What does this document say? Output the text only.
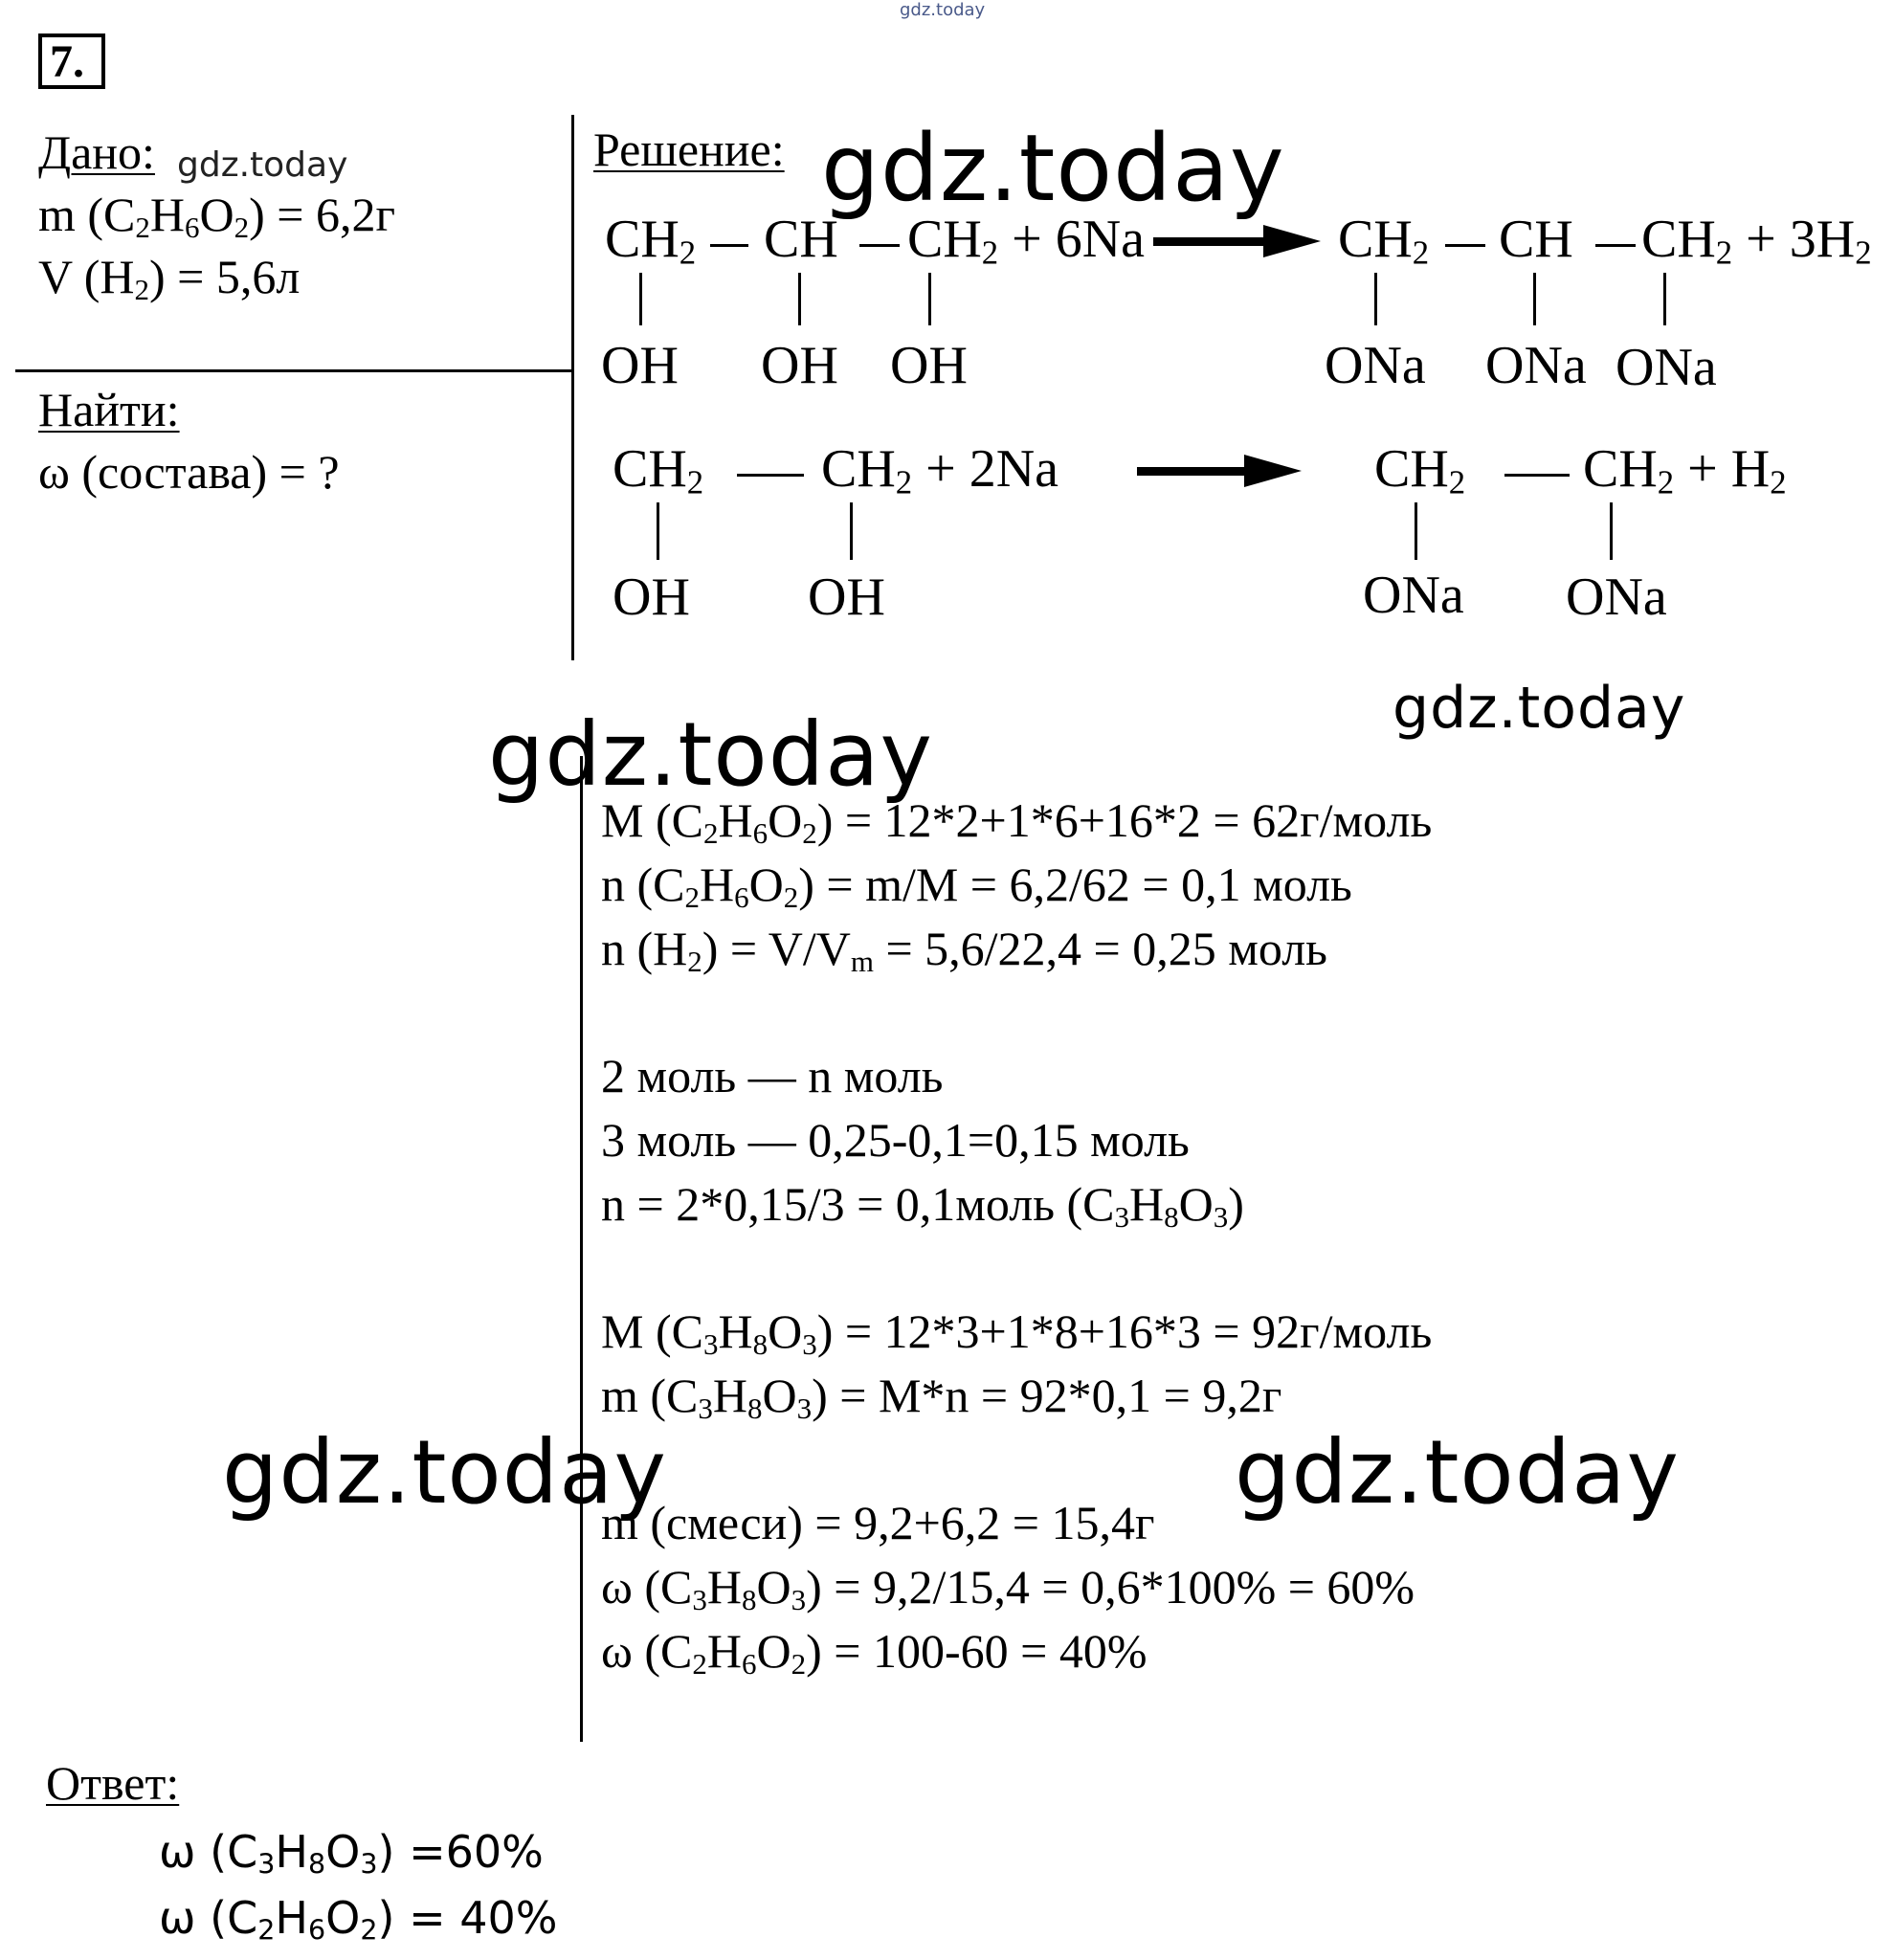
7.
gdz.today
Дано: gdz.today
m $(C_2H_6O_2) = 6,2г$
V $(H_2) = 5,6л$
Найти:
ω (состава) = ?
Решение: gdz.today
$CH_2$ CH $CH_2 + 6Na$
OH OH OH
$CH_2$ CH $CH_2 + 3H_2$
ONa ONa ONa
$CH_2$ $CH_2 + 2Na$
OH OH
$CH_2$ $CH_2 + H_2$
ONa ONa
gdz.today
gdz.today
M $(C_2H_6O_2) = 12*2+1*6+16*2$ = 62г/моль
n $(C_2H_6O_2) = m/M = 6,2/62 = 0,1$ моль
n $(H_2) = V/V_m = 5,6/22,4 = 0,25$ моль
2 моль — n моль
3 моль — 0,25-0,1=0,15 моль
n = 2*0,15/3 = 0,1моль $(C_3H_8O_3)$
M $(C_3H_8O_3) = 12*3+1*8+16*3$ = 92г/моль
m $(C_3H_8O_3) = M*n = 92*0,1 = 9,2г$
m (смеси) = 9,2+6,2 = 15,4г
ω $(C_3H_8O_3) = 9,2/15,4 = 0,6*100\% = 60\%$
ω $(C_2H_6O_2) = 100-60 = 40\%$
gdz.today	gdz.today
Ответ:
ω $(C_3H_8O_3) =60\%$
ω $(C_2H_6O_2) = 40\%$
